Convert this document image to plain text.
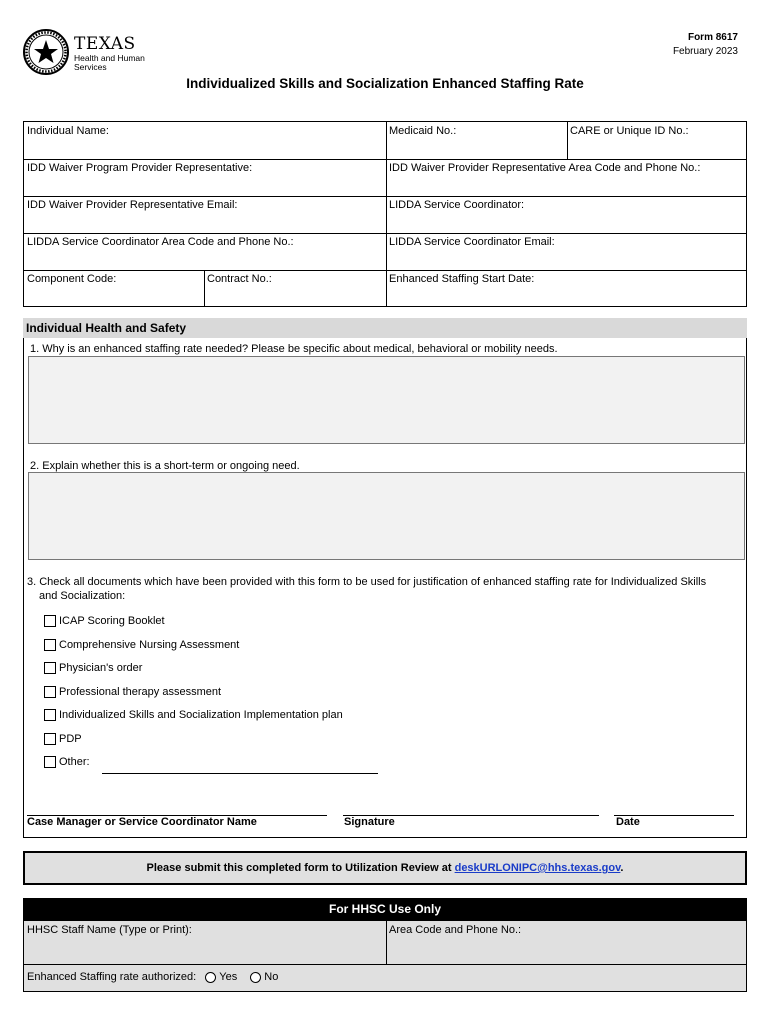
TEXAS
Health and Human Services
Form 8617
February 2023
Individualized Skills and Socialization Enhanced Staffing Rate
Individual Name:	Medicaid No.:	CARE or Unique ID No.:
IDD Waiver Program Provider Representative:	IDD Waiver Provider Representative Area Code and Phone No.:
IDD Waiver Provider Representative Email:	LIDDA Service Coordinator:
LIDDA Service Coordinator Area Code and Phone No.:	LIDDA Service Coordinator Email:
Component Code:	Contract No.:	Enhanced Staffing Start Date:
Individual Health and Safety
1. Why is an enhanced staffing rate needed? Please be specific about medical, behavioral or mobility needs.
2. Explain whether this is a short-term or ongoing need.
3. Check all documents which have been provided with this form to be used for justification of enhanced staffing rate for Individualized Skills
and Socialization:
ICAP Scoring Booklet
Comprehensive Nursing Assessment
Physician's order
Professional therapy assessment
Individualized Skills and Socialization Implementation plan
PDP
Other:
Case Manager or Service Coordinator Name	Signature	Date
Please submit this completed form to Utilization Review at deskURLONIPC@hhs.texas.gov.
For HHSC Use Only
HHSC Staff Name (Type or Print):	Area Code and Phone No.:
Enhanced Staffing rate authorized: Yes No
